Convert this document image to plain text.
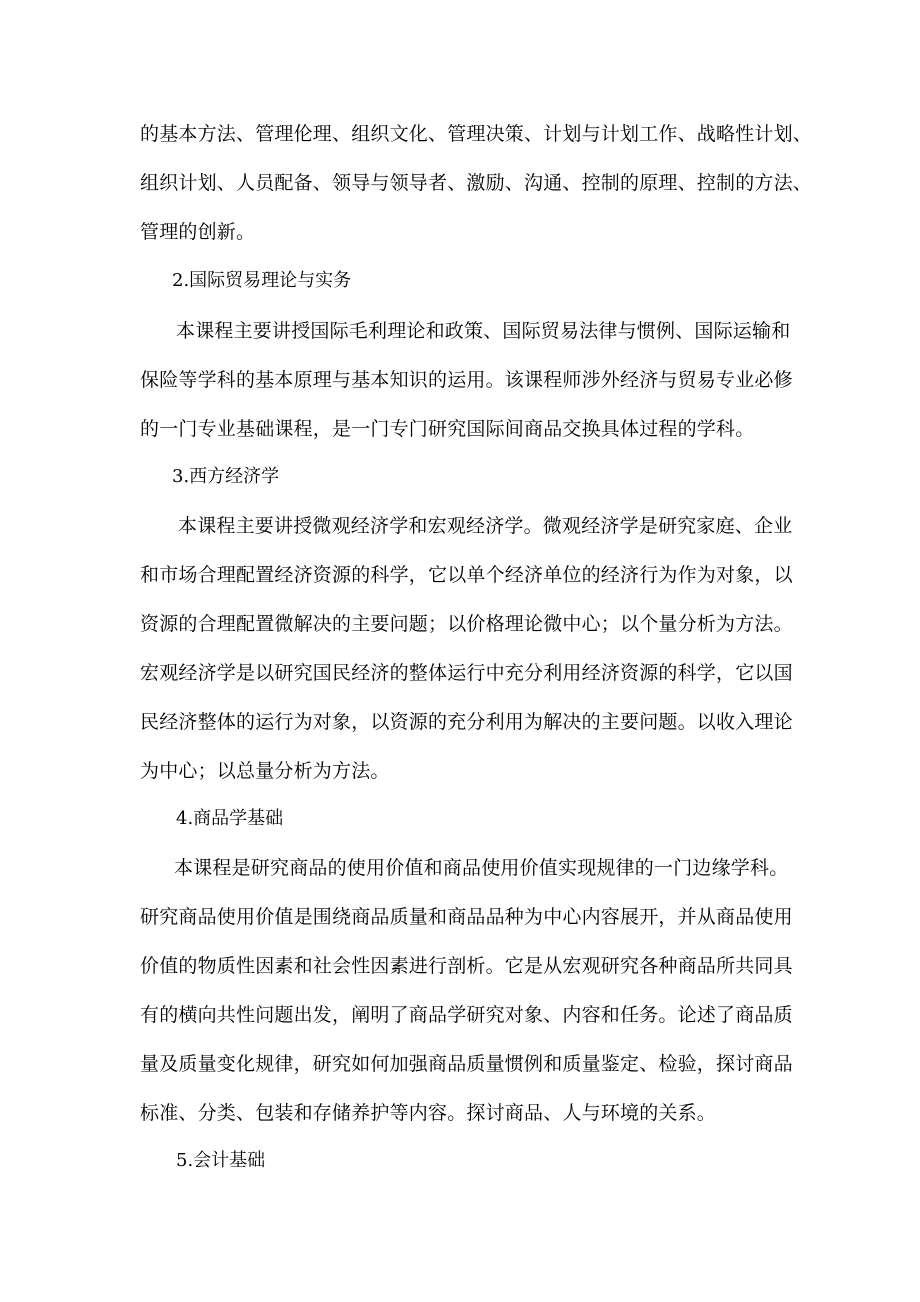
的基本方法、管理伦理、组织文化、管理决策、计划与计划工作、战略性计划、
组织计划、人员配备、领导与领导者、激励、沟通、控制的原理、控制的方法、
管理的创新。
2.国际贸易理论与实务
本课程主要讲授国际毛利理论和政策、国际贸易法律与惯例、国际运输和
保险等学科的基本原理与基本知识的运用。该课程师涉外经济与贸易专业必修
的一门专业基础课程，是一门专门研究国际间商品交换具体过程的学科。
3.西方经济学
本课程主要讲授微观经济学和宏观经济学。微观经济学是研究家庭、企业
和市场合理配置经济资源的科学，它以单个经济单位的经济行为作为对象，以
资源的合理配置微解决的主要问题；以价格理论微中心；以个量分析为方法。
宏观经济学是以研究国民经济的整体运行中充分利用经济资源的科学，它以国
民经济整体的运行为对象，以资源的充分利用为解决的主要问题。以收入理论
为中心；以总量分析为方法。
4.商品学基础
本课程是研究商品的使用价值和商品使用价值实现规律的一门边缘学科。
研究商品使用价值是围绕商品质量和商品品种为中心内容展开，并从商品使用
价值的物质性因素和社会性因素进行剖析。它是从宏观研究各种商品所共同具
有的横向共性问题出发，阐明了商品学研究对象、内容和任务。论述了商品质
量及质量变化规律，研究如何加强商品质量惯例和质量鉴定、检验，探讨商品
标准、分类、包装和存储养护等内容。探讨商品、人与环境的关系。
5.会计基础
